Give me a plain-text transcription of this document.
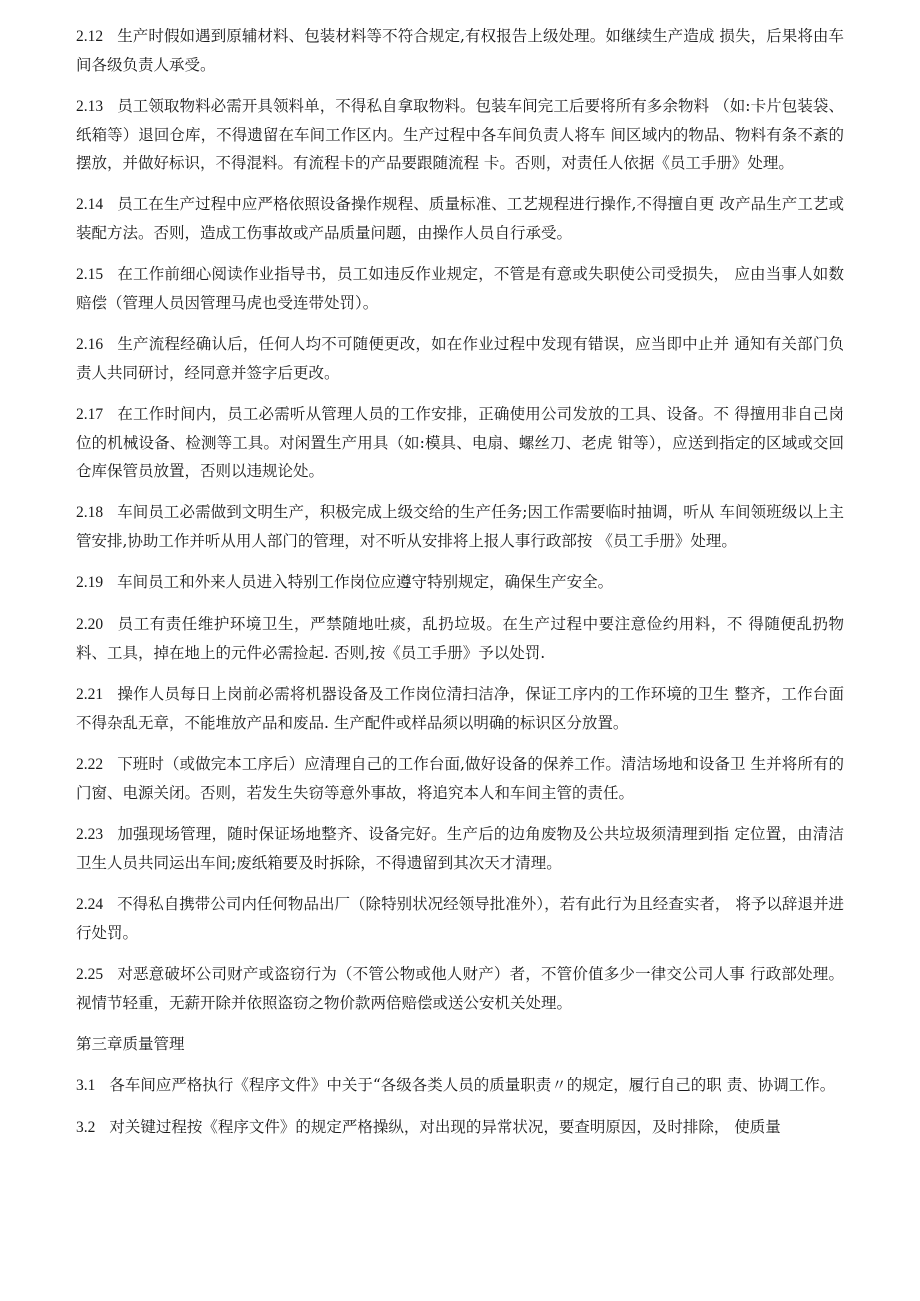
2.12 生产时假如遇到原辅材料、包装材料等不符合规定,有权报告上级处理。如继续生产造成 损失，后果将由车间各级负责人承受。

2.13 员工领取物料必需开具领料单，不得私自拿取物料。包装车间完工后要将所有多余物料 （如:卡片包装袋、纸箱等）退回仓库，不得遗留在车间工作区内。生产过程中各车间负责人将车 间区域内的物品、物料有条不紊的摆放，并做好标识，不得混料。有流程卡的产品要跟随流程 卡。否则，对责任人依据《员工手册》处理。

2.14 员工在生产过程中应严格依照设备操作规程、质量标准、工艺规程进行操作,不得擅自更 改产品生产工艺或装配方法。否则，造成工伤事故或产品质量问题，由操作人员自行承受。

2.15 在工作前细心阅读作业指导书，员工如违反作业规定，不管是有意或失职使公司受损失， 应由当事人如数赔偿（管理人员因管理马虎也受连带处罚）。

2.16 生产流程经确认后，任何人均不可随便更改，如在作业过程中发现有错误，应当即中止并 通知有关部门负责人共同研讨，经同意并签字后更改。

2.17 在工作时间内，员工必需听从管理人员的工作安排，正确使用公司发放的工具、设备。不 得擅用非自己岗位的机械设备、检测等工具。对闲置生产用具（如:模具、电扇、螺丝刀、老虎 钳等），应送到指定的区域或交回仓库保管员放置，否则以违规论处。

2.18 车间员工必需做到文明生产，积极完成上级交给的生产任务;因工作需要临时抽调，听从 车间领班级以上主管安排,协助工作并听从用人部门的管理，对不听从安排将上报人事行政部按 《员工手册》处理。

2.19 车间员工和外来人员进入特别工作岗位应遵守特别规定，确保生产安全。

2.20 员工有责任维护环境卫生，严禁随地吐痰，乱扔垃圾。在生产过程中要注意俭约用料，不 得随便乱扔物料、工具，掉在地上的元件必需捡起. 否则,按《员工手册》予以处罚.

2.21 操作人员每日上岗前必需将机器设备及工作岗位清扫洁净，保证工序内的工作环境的卫生 整齐，工作台面不得杂乱无章，不能堆放产品和废品. 生产配件或样品须以明确的标识区分放置。

2.22 下班时（或做完本工序后）应清理自己的工作台面,做好设备的保养工作。清洁场地和设备卫 生并将所有的门窗、电源关闭。否则，若发生失窃等意外事故，将追究本人和车间主管的责任。

2.23 加强现场管理，随时保证场地整齐、设备完好。生产后的边角废物及公共垃圾须清理到指 定位置，由清洁卫生人员共同运出车间;废纸箱要及时拆除，不得遗留到其次天才清理。

2.24 不得私自携带公司内任何物品出厂（除特别状况经领导批准外），若有此行为且经查实者， 将予以辞退并进行处罚。

2.25 对恶意破坏公司财产或盗窃行为（不管公物或他人财产）者，不管价值多少一律交公司人事 行政部处理。视情节轻重，无薪开除并依照盗窃之物价款两倍赔偿或送公安机关处理。

第三章质量管理

3.1 各车间应严格执行《程序文件》中关于“各级各类人员的质量职责〃的规定，履行自己的职 责、协调工作。

3.2 对关键过程按《程序文件》的规定严格操纵，对出现的异常状况，要查明原因，及时排除， 使质量
